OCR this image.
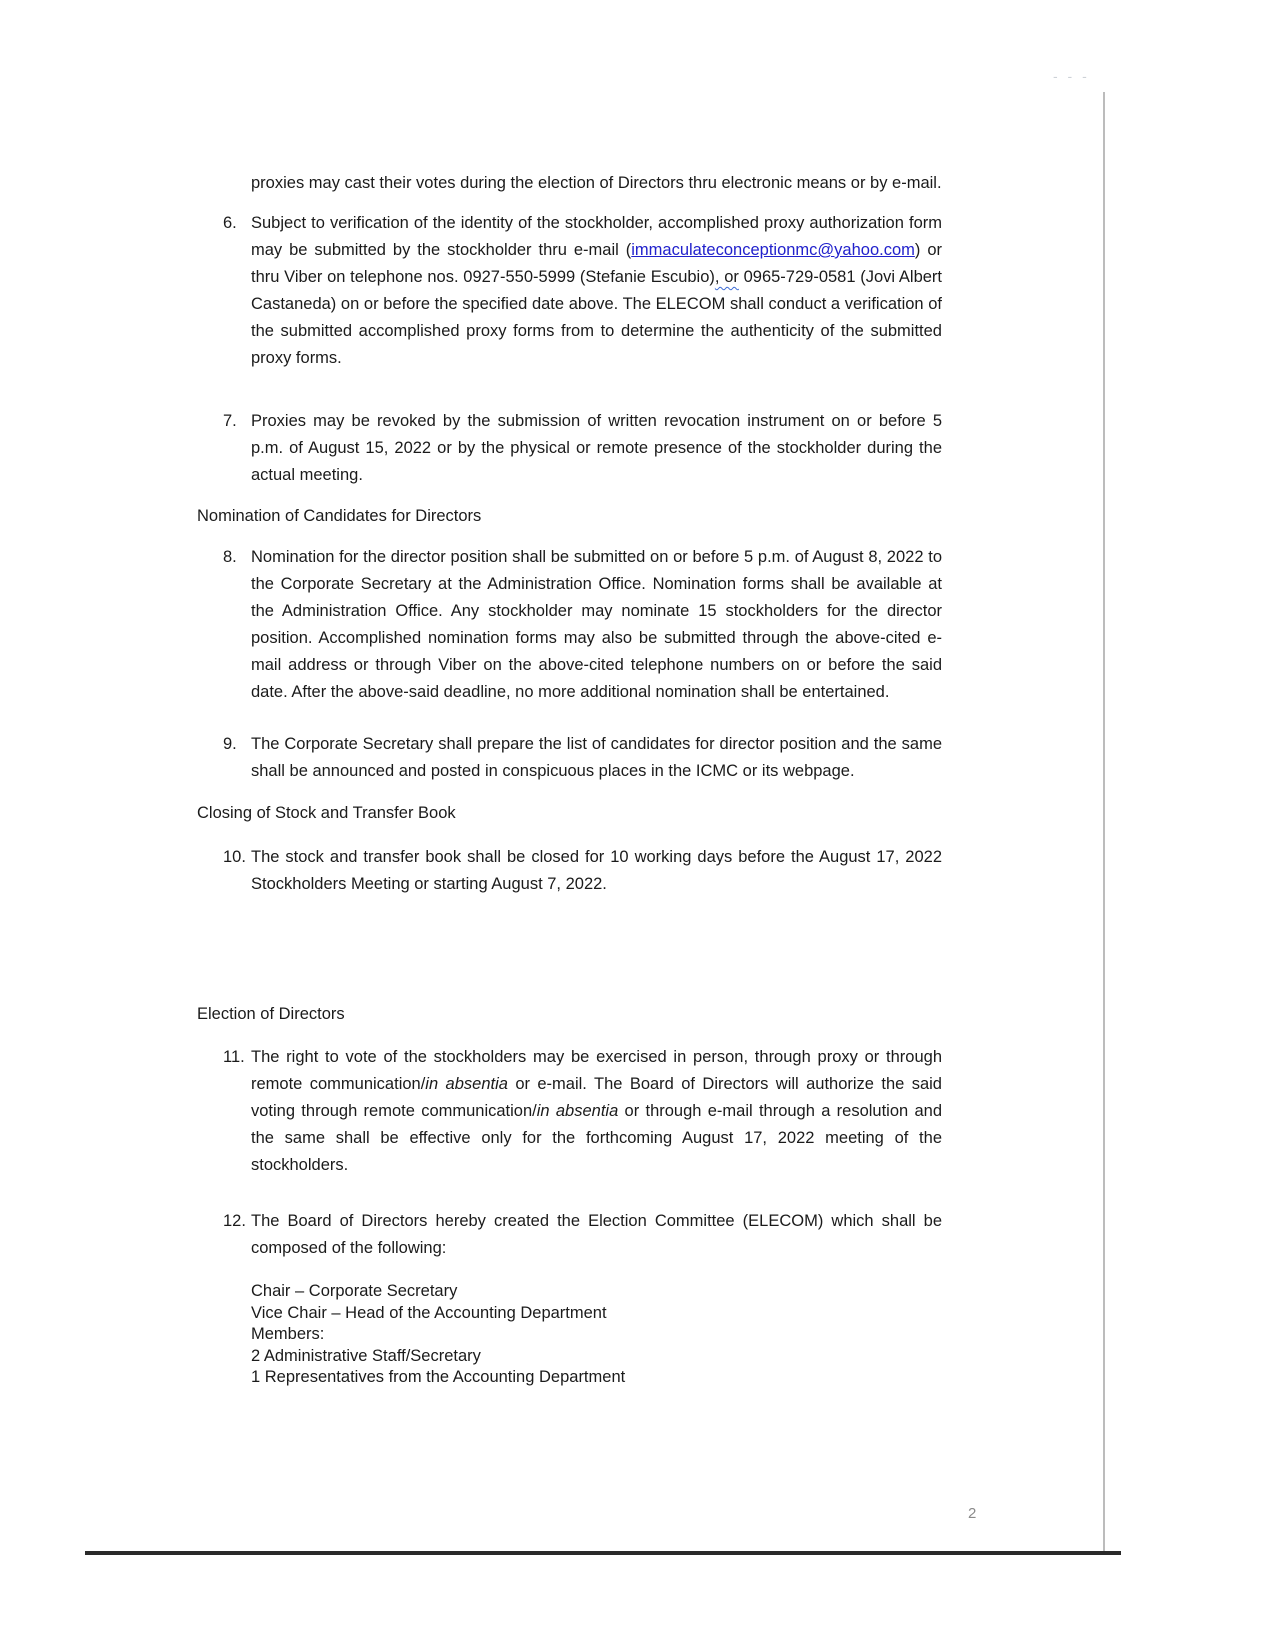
- - -
proxies may cast their votes during the election of Directors thru electronic means or by e-mail.
6. Subject to verification of the identity of the stockholder, accomplished proxy authorization form may be submitted by the stockholder thru e-mail (immaculateconceptionmc@yahoo.com) or thru Viber on telephone nos. 0927-550-5999 (Stefanie Escubio), or 0965-729-0581 (Jovi Albert Castaneda) on or before the specified date above. The ELECOM shall conduct a verification of the submitted accomplished proxy forms from to determine the authenticity of the submitted proxy forms.
7. Proxies may be revoked by the submission of written revocation instrument on or before 5 p.m. of August 15, 2022 or by the physical or remote presence of the stockholder during the actual meeting.
Nomination of Candidates for Directors
8. Nomination for the director position shall be submitted on or before 5 p.m. of August 8, 2022 to the Corporate Secretary at the Administration Office. Nomination forms shall be available at the Administration Office. Any stockholder may nominate 15 stockholders for the director position. Accomplished nomination forms may also be submitted through the above-cited e-mail address or through Viber on the above-cited telephone numbers on or before the said date. After the above-said deadline, no more additional nomination shall be entertained.
9. The Corporate Secretary shall prepare the list of candidates for director position and the same shall be announced and posted in conspicuous places in the ICMC or its webpage.
Closing of Stock and Transfer Book
10. The stock and transfer book shall be closed for 10 working days before the August 17, 2022 Stockholders Meeting or starting August 7, 2022.
Election of Directors
11. The right to vote of the stockholders may be exercised in person, through proxy or through remote communication/in absentia or e-mail. The Board of Directors will authorize the said voting through remote communication/in absentia or through e-mail through a resolution and the same shall be effective only for the forthcoming August 17, 2022 meeting of the stockholders.
12. The Board of Directors hereby created the Election Committee (ELECOM) which shall be composed of the following:
Chair – Corporate Secretary
Vice Chair – Head of the Accounting Department
Members:
2 Administrative Staff/Secretary
1 Representatives from the Accounting Department
2
